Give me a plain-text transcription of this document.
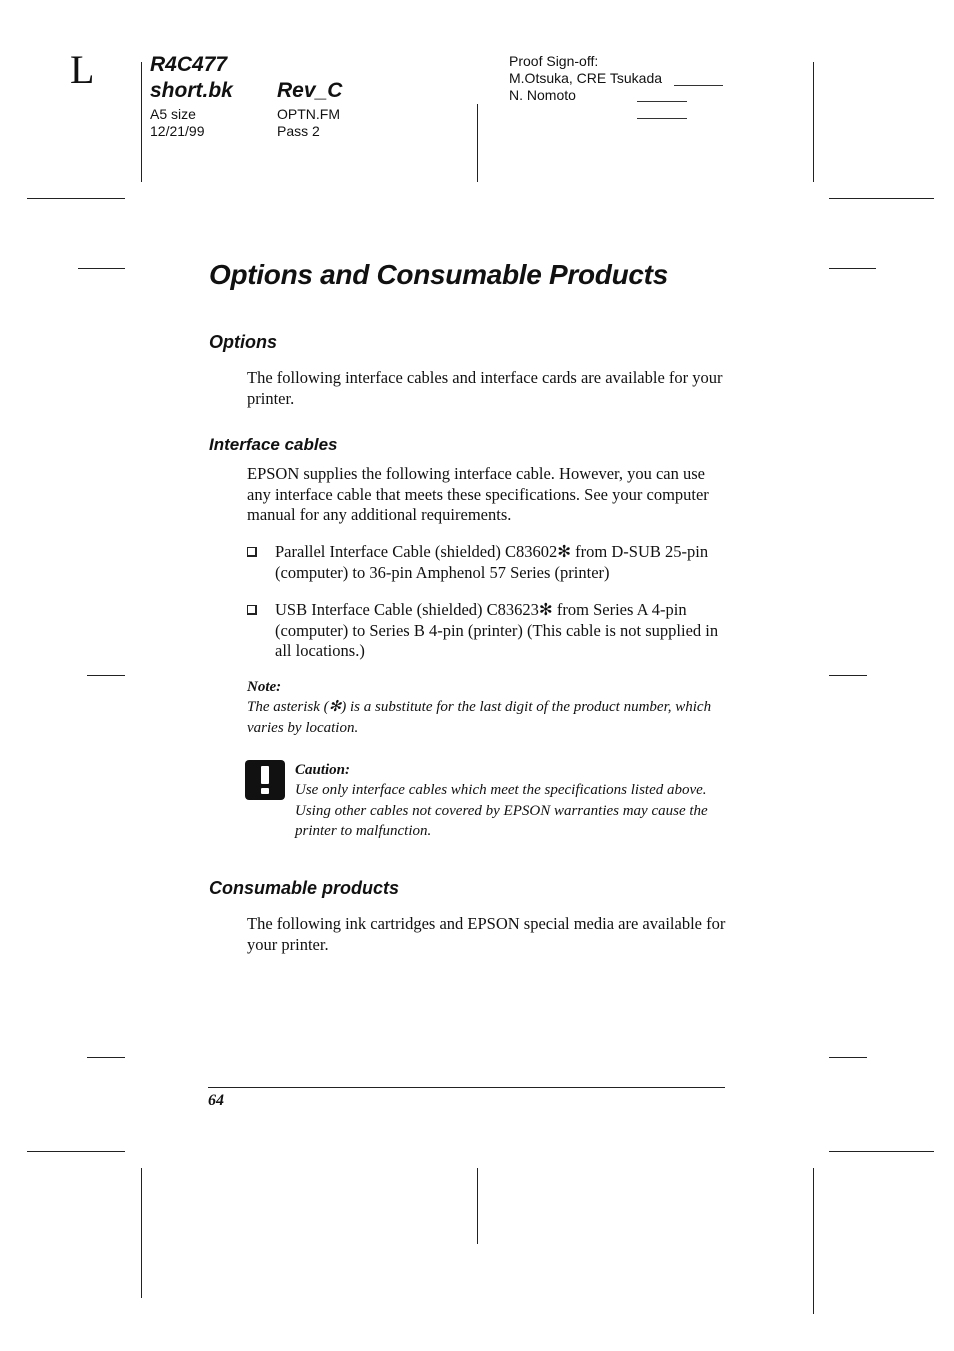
L	R4C477
short.bk Rev_C
A5 size	OPTN.FM
12/21/99	Pass 2
Proof Sign-off:
M.Otsuka, CRE Tsukada
N. Nomoto
Options and Consumable Products
Options
The following interface cables and interface cards are available for your printer.
Interface cables
EPSON supplies the following interface cable. However, you can use any interface cable that meets these specifications. See your computer manual for any additional requirements.
Parallel Interface Cable (shielded) C83602✻ from D-SUB 25-pin (computer) to 36-pin Amphenol 57 Series (printer)
USB Interface Cable (shielded) C83623✻ from Series A 4-pin (computer) to Series B 4-pin (printer) (This cable is not supplied in all locations.)
Note:
The asterisk (✻) is a substitute for the last digit of the product number, which varies by location.
Caution:
Use only interface cables which meet the specifications listed above. Using other cables not covered by EPSON warranties may cause the printer to malfunction.
Consumable products
The following ink cartridges and EPSON special media are available for your printer.
64
